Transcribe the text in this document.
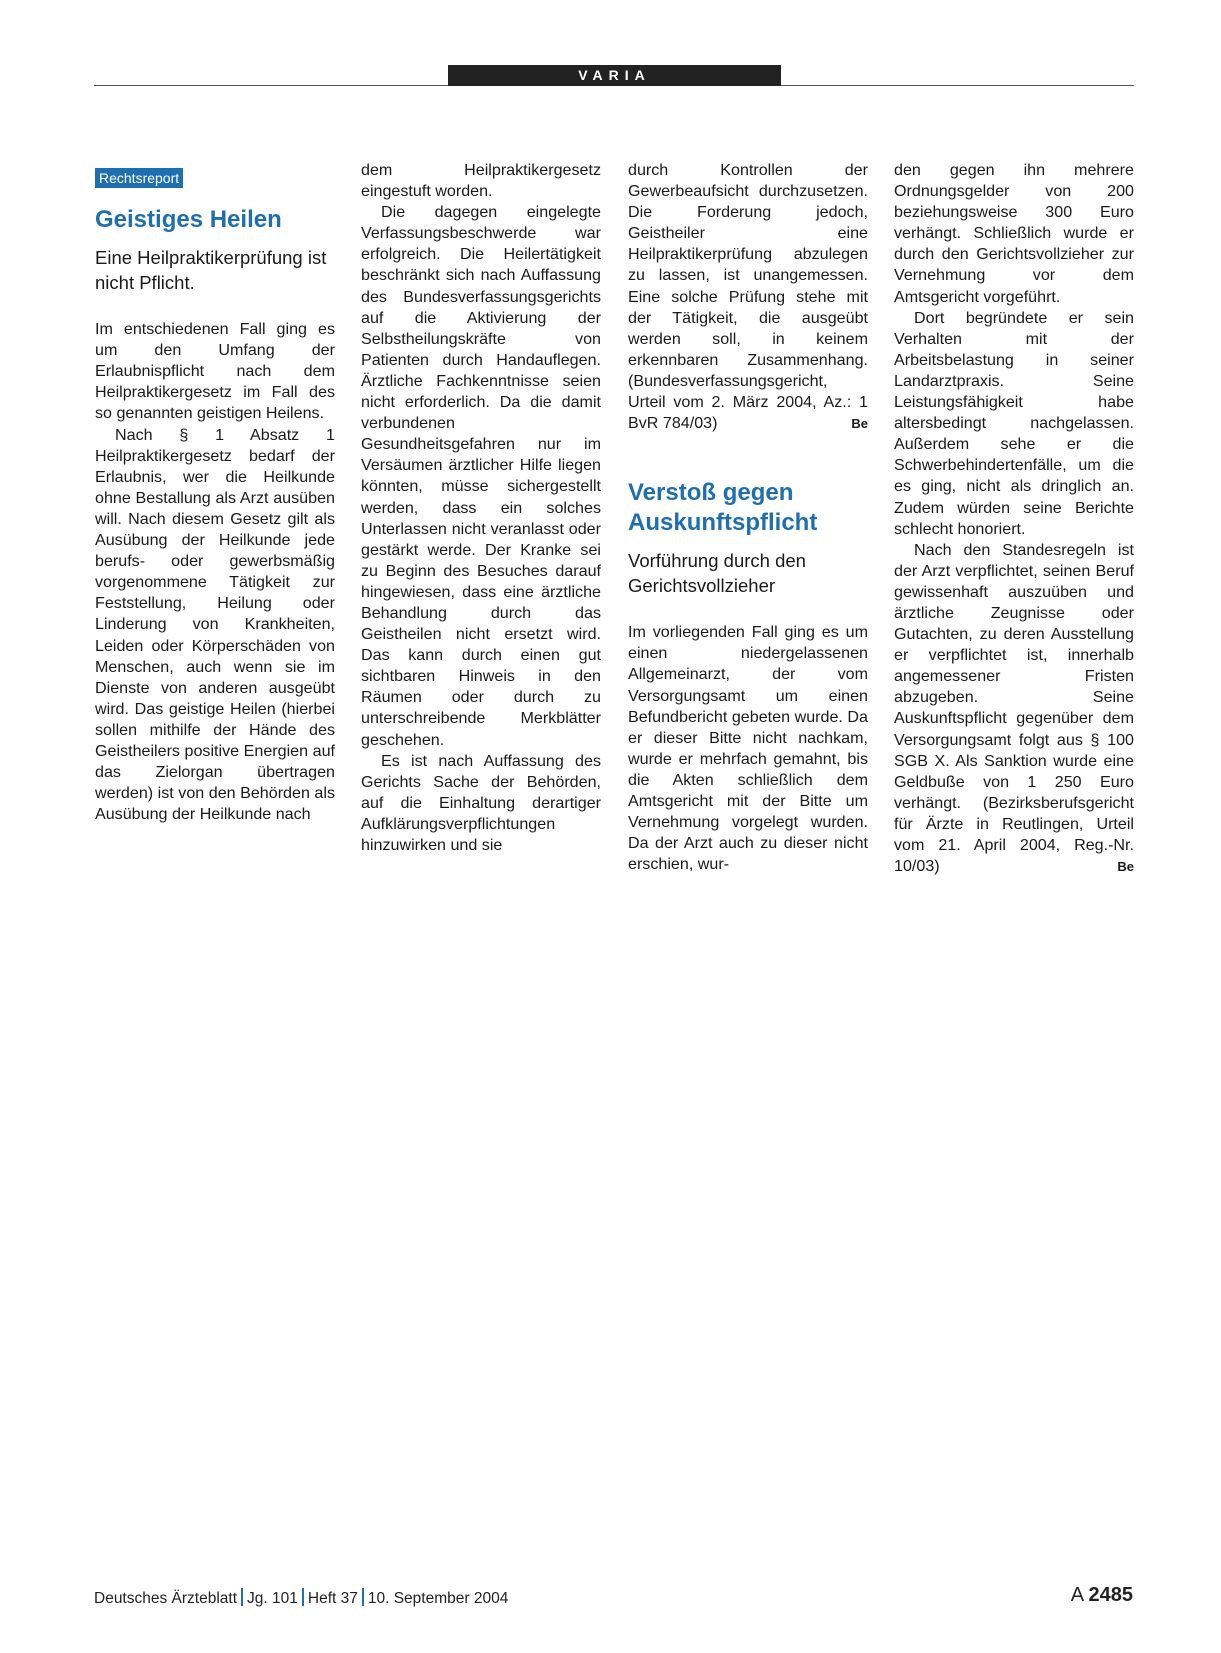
VARIA
Rechtsreport
Geistiges Heilen
Eine Heilpraktikerprüfung ist nicht Pflicht.

Im entschiedenen Fall ging es um den Umfang der Erlaubnispflicht nach dem Heilpraktikergesetz im Fall des so genannten geistigen Heilens.

Nach § 1 Absatz 1 Heilpraktikergesetz bedarf der Erlaubnis, wer die Heilkunde ohne Bestallung als Arzt ausüben will. Nach diesem Gesetz gilt als Ausübung der Heilkunde jede berufs- oder gewerbsmäßig vorgenommene Tätigkeit zur Feststellung, Heilung oder Linderung von Krankheiten, Leiden oder Körperschäden von Menschen, auch wenn sie im Dienste von anderen ausgeübt wird. Das geistige Heilen (hierbei sollen mithilfe der Hände des Geistheilers positive Energien auf das Zielorgan übertragen werden) ist von den Behörden als Ausübung der Heilkunde nach

dem Heilpraktikergesetz eingestuft worden.

Die dagegen eingelegte Verfassungsbeschwerde war erfolgreich. Die Heilertätigkeit beschränkt sich nach Auffassung des Bundesverfassungsgerichts auf die Aktivierung der Selbstheilungskräfte von Patienten durch Handauflegen. Ärztliche Fachkenntnisse seien nicht erforderlich. Da die damit verbundenen Gesundheitsgefahren nur im Versäumen ärztlicher Hilfe liegen könnten, müsse sichergestellt werden, dass ein solches Unterlassen nicht veranlasst oder gestärkt werde. Der Kranke sei zu Beginn des Besuches darauf hingewiesen, dass eine ärztliche Behandlung durch das Geistheilen nicht ersetzt wird. Das kann durch einen gut sichtbaren Hinweis in den Räumen oder durch zu unterschreibende Merkblätter geschehen.

Es ist nach Auffassung des Gerichts Sache der Behörden, auf die Einhaltung derartiger Aufklärungsverpflichtungen hinzuwirken und sie

durch Kontrollen der Gewerbeaufsicht durchzusetzen. Die Forderung jedoch, Geistheiler eine Heilpraktikerprüfung abzulegen zu lassen, ist unangemessen. Eine solche Prüfung stehe mit der Tätigkeit, die ausgeübt werden soll, in keinem erkennbaren Zusammenhang. (Bundesverfassungsgericht, Urteil vom 2. März 2004, Az.: 1 BvR 784/03)	Be

Verstoß gegen Auskunftspflicht
Vorführung durch den Gerichtsvollzieher

Im vorliegenden Fall ging es um einen niedergelassenen Allgemeinarzt, der vom Versorgungsamt um einen Befundbericht gebeten wurde. Da er dieser Bitte nicht nachkam, wurde er mehrfach gemahnt, bis die Akten schließlich dem Amtsgericht mit der Bitte um Vernehmung vorgelegt wurden. Da der Arzt auch zu dieser nicht erschien, wur-

den gegen ihn mehrere Ordnungsgelder von 200 beziehungsweise 300 Euro verhängt. Schließlich wurde er durch den Gerichtsvollzieher zur Vernehmung vor dem Amtsgericht vorgeführt.

Dort begründete er sein Verhalten mit der Arbeitsbelastung in seiner Landarztpraxis. Seine Leistungsfähigkeit habe altersbedingt nachgelassen. Außerdem sehe er die Schwerbehindertenfälle, um die es ging, nicht als dringlich an. Zudem würden seine Berichte schlecht honoriert.

Nach den Standesregeln ist der Arzt verpflichtet, seinen Beruf gewissenhaft auszuüben und ärztliche Zeugnisse oder Gutachten, zu deren Ausstellung er verpflichtet ist, innerhalb angemessener Fristen abzugeben. Seine Auskunftspflicht gegenüber dem Versorgungsamt folgt aus § 100 SGB X. Als Sanktion wurde eine Geldbuße von 1 250 Euro verhängt. (Bezirksberufsgericht für Ärzte in Reutlingen, Urteil vom 21. April 2004, Reg.-Nr. 10/03)	Be

Deutsches Ärzteblatt Jg. 101 Heft 37 10. September 2004	A 2485
